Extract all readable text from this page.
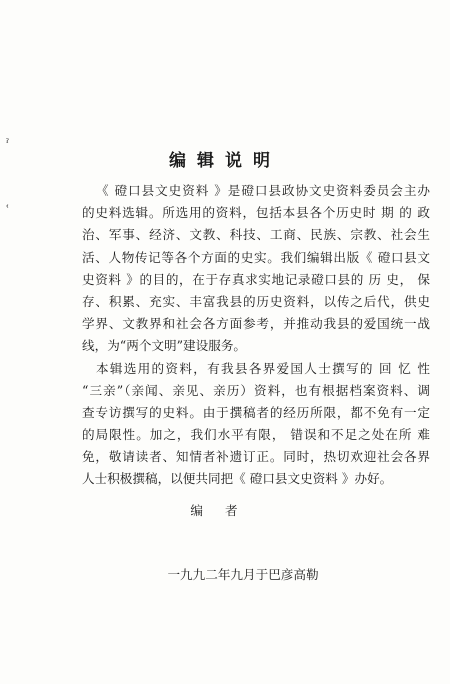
ˀ
ʿ
编辑说明
《 磴口县文史资料 》是磴口县政协文史资料委员会主办
的史料选辑。所选用的资料，包括本县各个历史时 期 的 政
治、军事、经济、文教、科技、工商、民族、宗教、社会生
活、人物传记等各个方面的史实。我们编辑出版《 磴口县文
史资料 》的目的，在于存真求实地记录磴口县的 历 史， 保
存、积累、充实、丰富我县的历史资料，以传之后代，供史
学界、文教界和社会各方面参考，并推动我县的爱国统一战
线，为“两个文明”建设服务。
本辑选用的资料，有我县各界爱国人士撰写的 回 忆 性
“三亲”（亲闻、亲见、亲历）资料，也有根据档案资料、调
查专访撰写的史料。由于撰稿者的经历所限，都不免有一定
的局限性。加之，我们水平有限， 错误和不足之处在所 难
免，敬请读者、知情者补遗订正。同时，热切欢迎社会各界
人士积极撰稿，以便共同把《 磴口县文史资料 》办好。
编者
一九九二年九月于巴彦高勒
